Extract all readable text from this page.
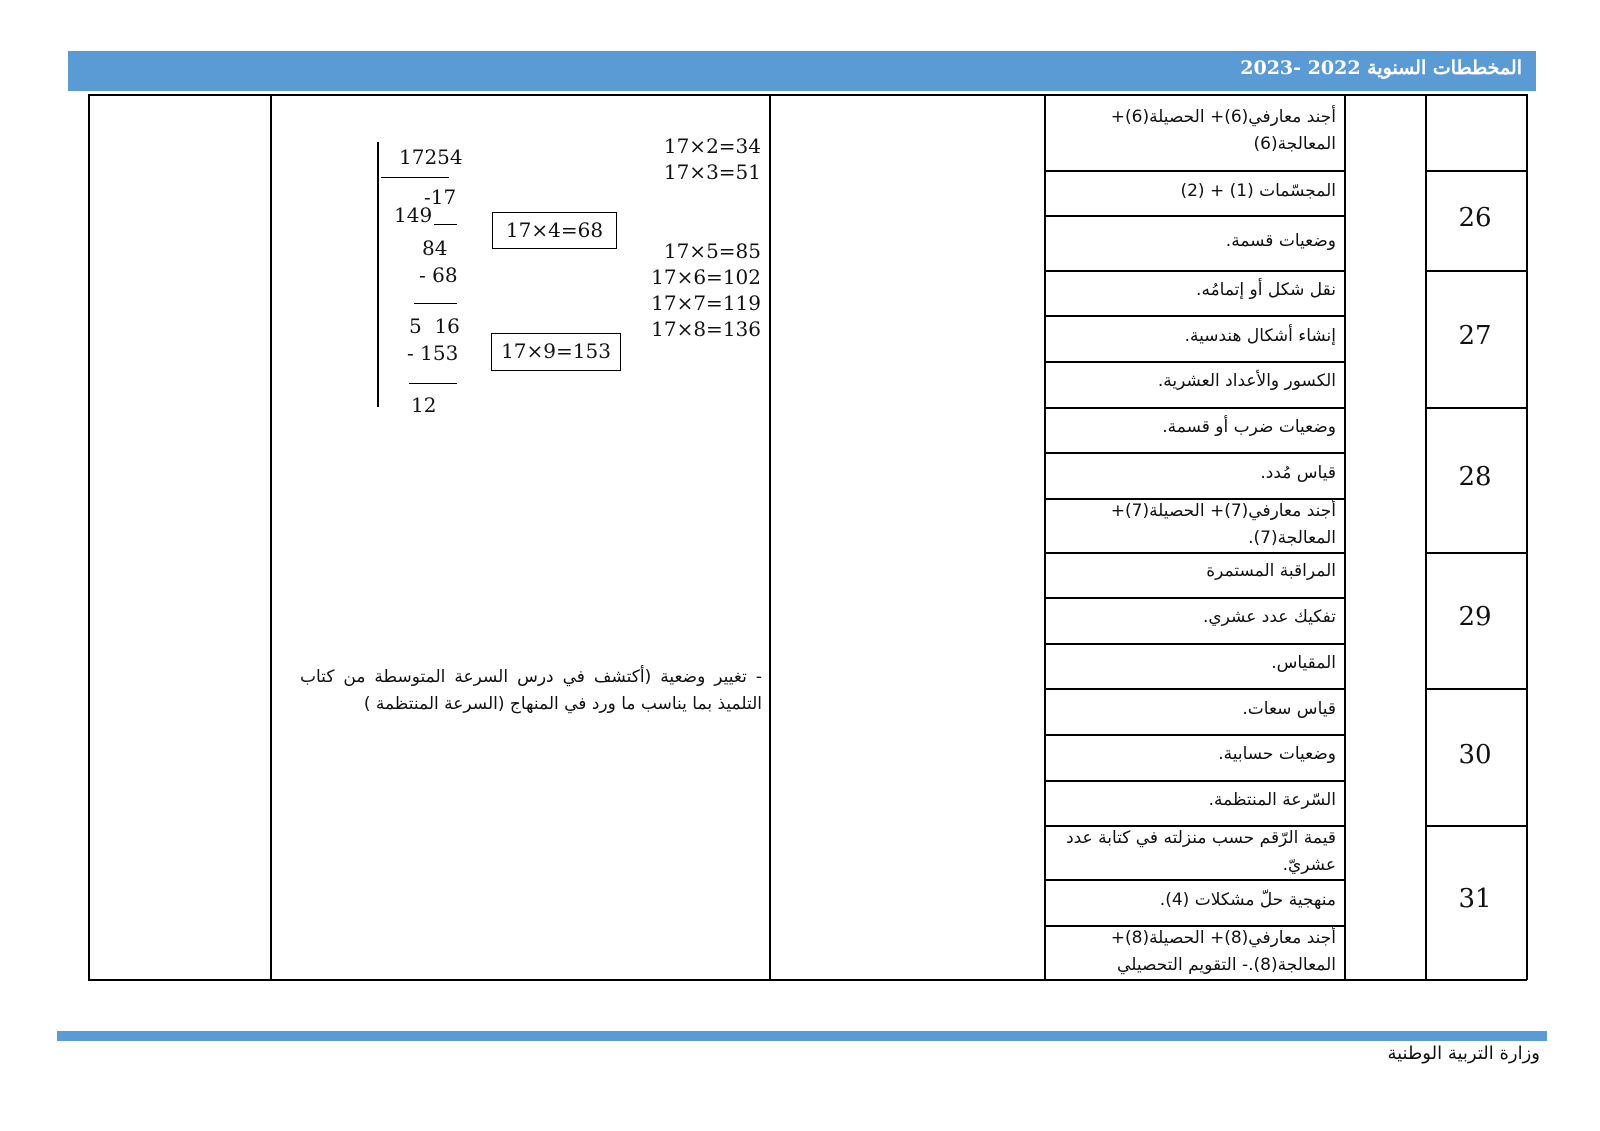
المخططات السنوية 2022 -2023
أجند معارفي(6)+ الحصيلة(6)+
المعالجة(6)
المجسّمات (1) + (2)
وضعيات قسمة.
نقل شكل أو إتمامُه.
إنشاء أشكال هندسية.
الكسور والأعداد العشرية.
وضعيات ضرب أو قسمة.
قياس مُدد.
أجند معارفي(7)+ الحصيلة(7)+
المعالجة(7).
المراقبة المستمرة
تفكيك عدد عشري.
المقياس.
قياس سعات.
وضعيات حسابية.
السّرعة المنتظمة.
قيمة الرّقم حسب منزلته في كتابة عدد
عشريّ.
منهجية حلّ مشكلات (4).
أجند معارفي(8)+ الحصيلة(8)+
المعالجة(8).- التقويم التحصيلي
26
27
28
29
30
31
17254
-17
149
84
- 68
5  16
- 153
12
17×2=34
17×3=51
17×5=85
17×6=102
17×7=119
17×8=136
17×4=68
17×9=153
- تغيير وضعية (أكتشف في درس السرعة المتوسطة من كتاب التلميذ بما يناسب ما ورد في المنهاج (السرعة المنتظمة )
وزارة التربية الوطنية
